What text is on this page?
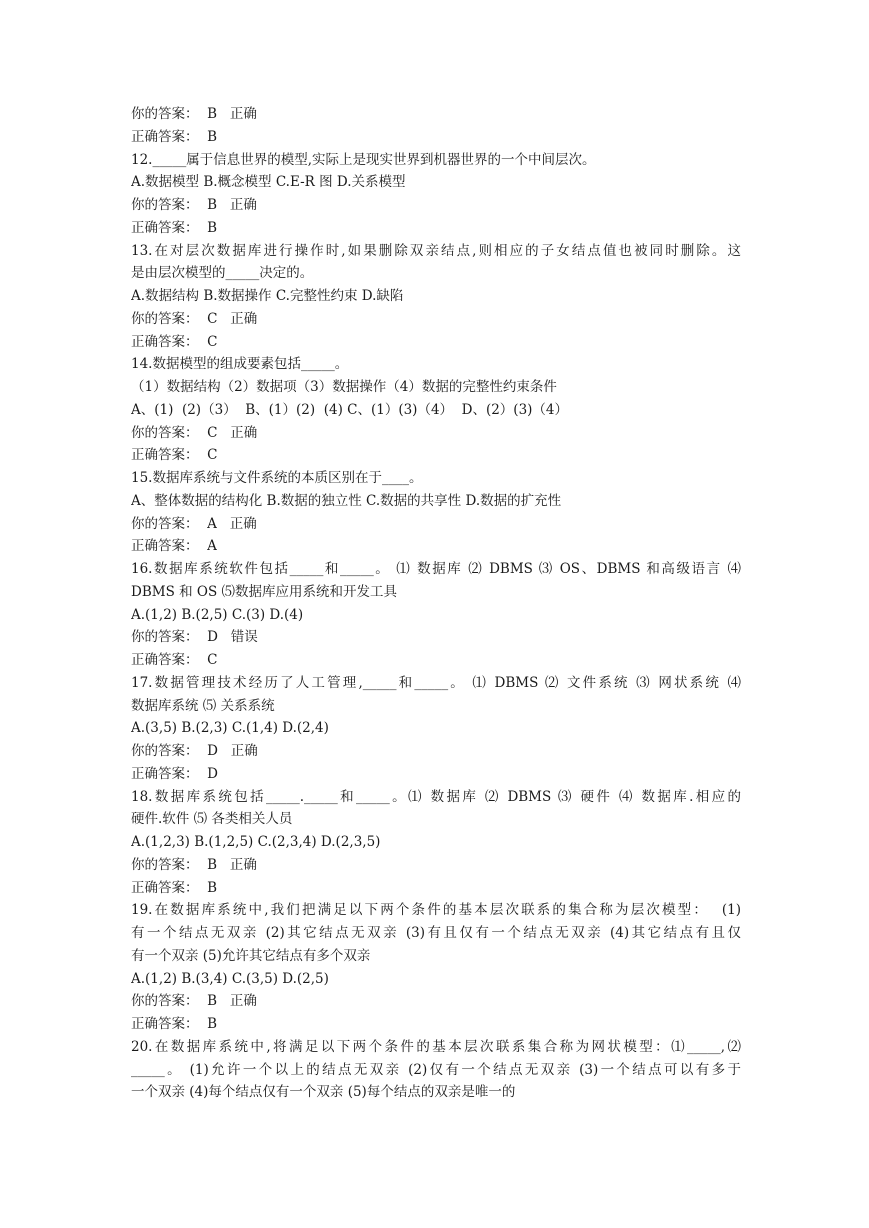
你的答案：  B   正确
正确答案：  B
12._____属于信息世界的模型,实际上是现实世界到机器世界的一个中间层次。
A.数据模型 B.概念模型 C.E-R 图 D.关系模型
你的答案：  B   正确
正确答案：  B
13.在对层次数据库进行操作时,如果删除双亲结点,则相应的子女结点值也被同时删除。这
是由层次模型的_____决定的。
A.数据结构 B.数据操作 C.完整性约束 D.缺陷
你的答案：  C   正确
正确答案：  C
14.数据模型的组成要素包括_____。
（1）数据结构（2）数据项（3）数据操作（4）数据的完整性约束条件
A、(1)  (2)（3）  B、(1）(2)  (4) C、(1）(3)（4）  D、(2）(3)（4）
你的答案：  C   正确
正确答案：  C
15.数据库系统与文件系统的本质区别在于____。
A、整体数据的结构化 B.数据的独立性 C.数据的共享性 D.数据的扩充性
你的答案：  A   正确
正确答案：  A
16.数据库系统软件包括_____和_____。 ⑴ 数据库 ⑵ DBMS ⑶ OS、DBMS 和高级语言 ⑷
DBMS 和 OS ⑸数据库应用系统和开发工具
A.(1,2) B.(2,5) C.(3) D.(4)
你的答案：  D   错误
正确答案：  C
17.数据管理技术经历了人工管理,_____和_____。 ⑴ DBMS ⑵ 文件系统 ⑶ 网状系统 ⑷
数据库系统 ⑸ 关系系统
A.(3,5) B.(2,3) C.(1,4) D.(2,4)
你的答案：  D   正确
正确答案：  D
18.数据库系统包括_____._____和_____。⑴ 数据库 ⑵ DBMS ⑶ 硬件 ⑷ 数据库.相应的
硬件.软件 ⑸ 各类相关人员
A.(1,2,3) B.(1,2,5) C.(2,3,4) D.(2,3,5)
你的答案：  B   正确
正确答案：  B
19.在数据库系统中,我们把满足以下两个条件的基本层次联系的集合称为层次模型：  (1)
有一个结点无双亲 (2)其它结点无双亲 (3)有且仅有一个结点无双亲 (4)其它结点有且仅
有一个双亲 (5)允许其它结点有多个双亲
A.(1,2) B.(3,4) C.(3,5) D.(2,5)
你的答案：  B   正确
正确答案：  B
20.在数据库系统中,将满足以下两个条件的基本层次联系集合称为网状模型：⑴_____,⑵
_____。 (1)允许一个以上的结点无双亲 (2)仅有一个结点无双亲 (3)一个结点可以有多于
一个双亲 (4)每个结点仅有一个双亲 (5)每个结点的双亲是唯一的
